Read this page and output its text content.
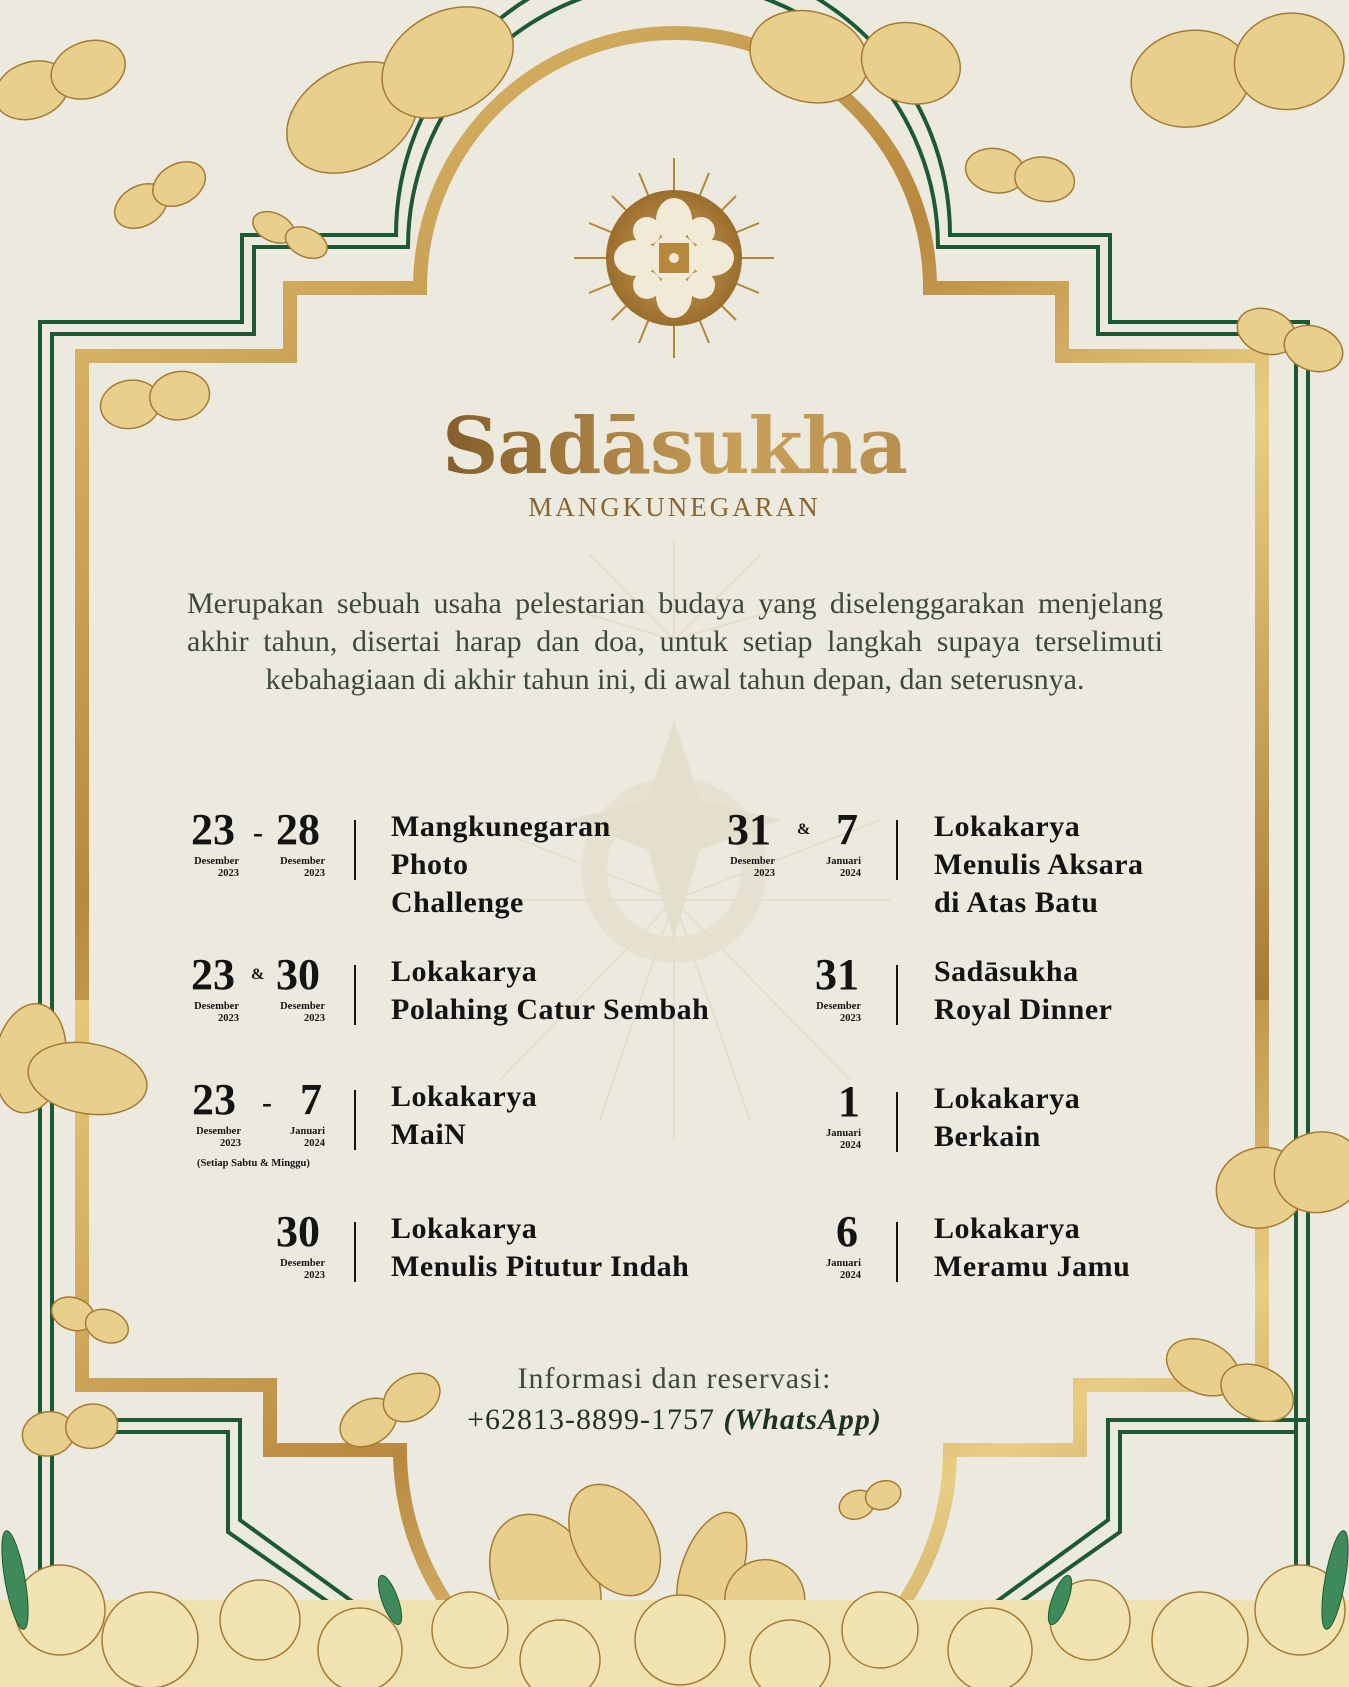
Sadāsukha
MANGKUNEGARAN
Merupakan sebuah usaha pelestarian budaya yang diselenggarakan menjelang akhir tahun, disertai harap dan doa, untuk setiap langkah supaya terselimuti kebahagiaan di akhir tahun ini, di awal tahun depan, dan seterusnya.
23
Desember
2023
- 28
Desember
2023
Mangkunegaran
Photo
Challenge
23
Desember
2023
& 30
Desember
2023
Lokakarya
Polahing Catur Sembah
23
Desember
2023
- 7
Januari
2024
(Setiap Sabtu & Minggu)
Lokakarya
MaiN
30
Desember
2023
Lokakarya
Menulis Pitutur Indah
31
Desember
2023
& 7
Januari
2024
Lokakarya
Menulis Aksara
di Atas Batu
31
Desember
2023
Sadāsukha
Royal Dinner
1
Januari
2024
Lokakarya
Berkain
6
Januari
2024
Lokakarya
Meramu Jamu
Informasi dan reservasi:
+62813-8899-1757 (WhatsApp)
